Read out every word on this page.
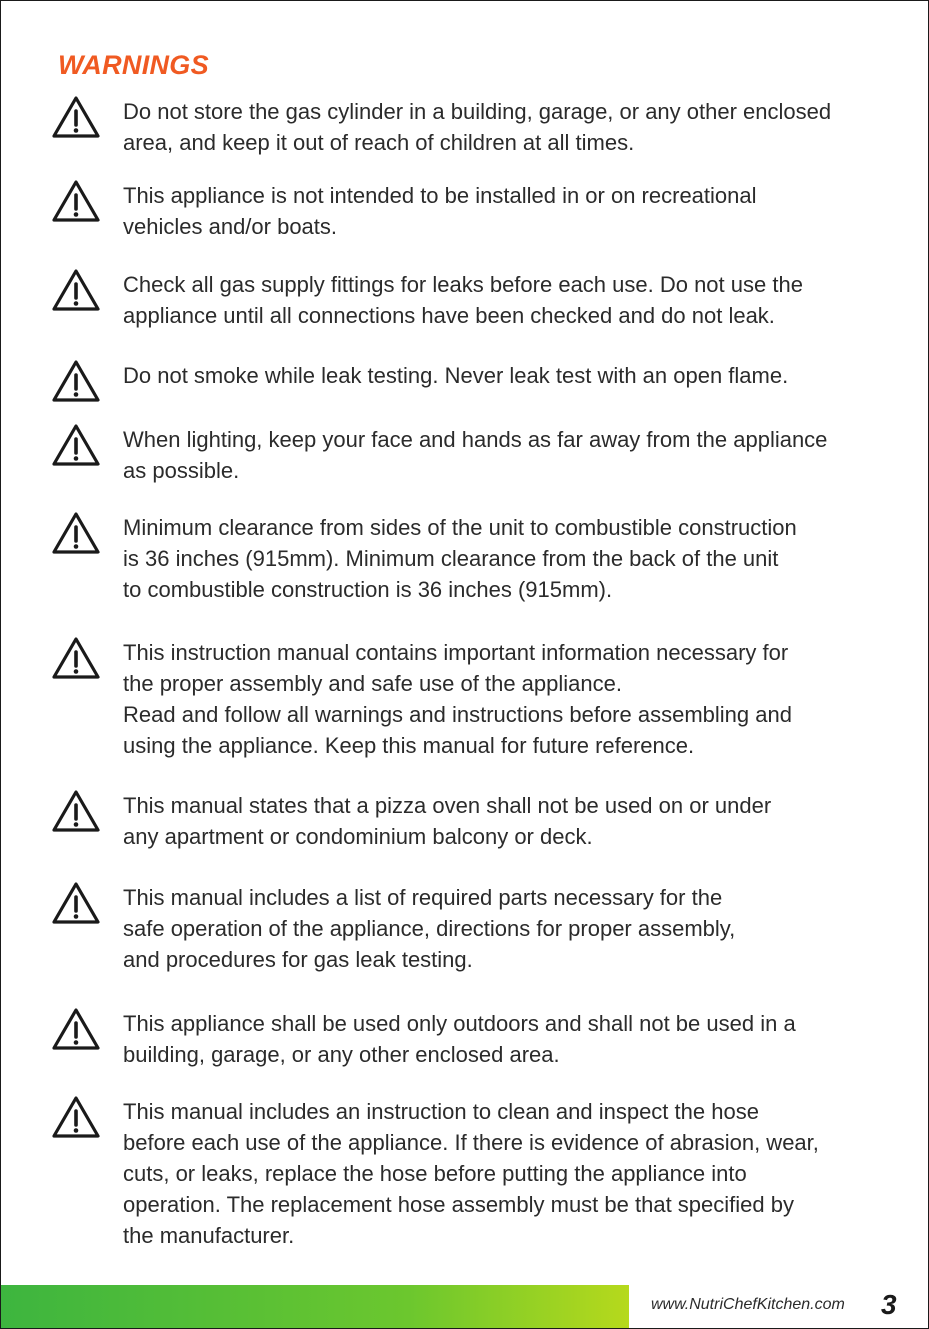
WARNINGS

Do not store the gas cylinder in a building, garage, or any other enclosed
area, and keep it out of reach of children at all times.

This appliance is not intended to be installed in or on recreational
vehicles and/or boats.

Check all gas supply fittings for leaks before each use. Do not use the
appliance until all connections have been checked and do not leak.

Do not smoke while leak testing. Never leak test with an open flame.

When lighting, keep your face and hands as far away from the appliance
as possible.

Minimum clearance from sides of the unit to combustible construction
is 36 inches (915mm). Minimum clearance from the back of the unit
to combustible construction is 36 inches (915mm).

This instruction manual contains important information necessary for
the proper assembly and safe use of the appliance.
Read and follow all warnings and instructions before assembling and
using the appliance. Keep this manual for future reference.

This manual states that a pizza oven shall not be used on or under
any apartment or condominium balcony or deck.

This manual includes a list of required parts necessary for the
safe operation of the appliance, directions for proper assembly,
and procedures for gas leak testing.

This appliance shall be used only outdoors and shall not be used in a
building, garage, or any other enclosed area.

This manual includes an instruction to clean and inspect the hose
before each use of the appliance. If there is evidence of abrasion, wear,
cuts, or leaks, replace the hose before putting the appliance into
operation. The replacement hose assembly must be that specified by
the manufacturer.

www.NutriChefKitchen.com 3
